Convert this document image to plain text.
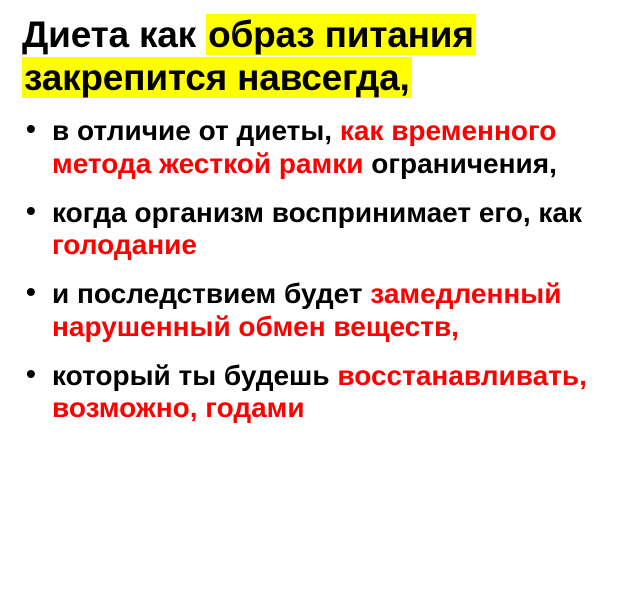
Диета как образ питания
закрепится навсегда,
• в отличие от диеты, как временного метода жесткой рамки ограничения,
• когда организм воспринимает его, как голодание
• и последствием будет замедленный нарушенный обмен веществ,
• который ты будешь восстанавливать, возможно, годами
